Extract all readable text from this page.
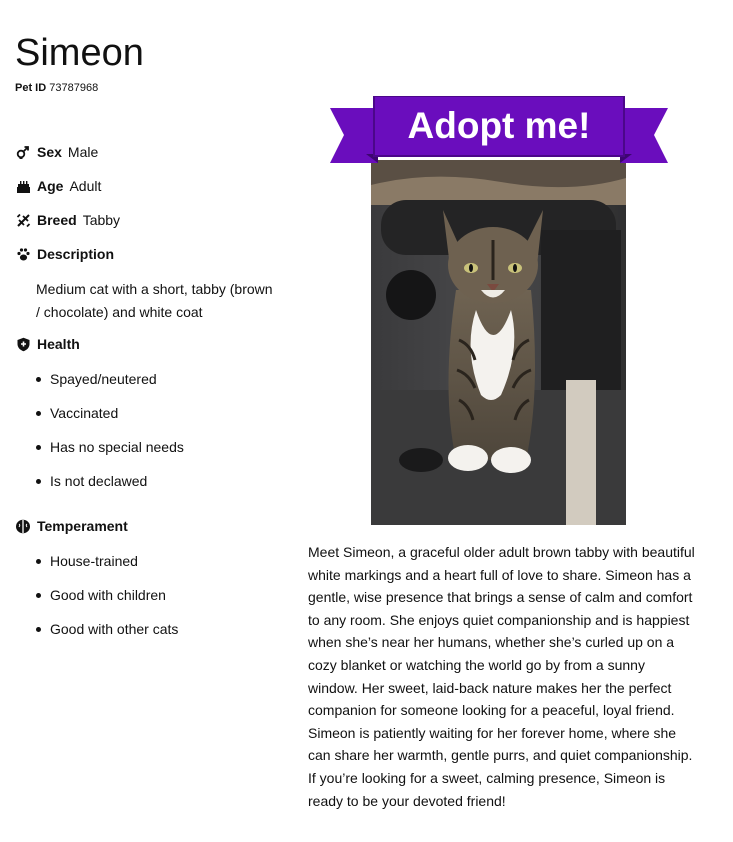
Simeon
Pet ID 73787968
Sex Male
Age Adult
Breed Tabby
Description
Medium cat with a short, tabby (brown / chocolate) and white coat
Health
Spayed/neutered
Vaccinated
Has no special needs
Is not declawed
Temperament
House-trained
Good with children
Good with other cats
Adopt me!
Meet Simeon, a graceful older adult brown tabby with beautiful white markings and a heart full of love to share. Simeon has a gentle, wise presence that brings a sense of calm and comfort to any room. She enjoys quiet companionship and is happiest when she’s near her humans, whether she’s curled up on a cozy blanket or watching the world go by from a sunny window. Her sweet, laid-back nature makes her the perfect companion for someone looking for a peaceful, loyal friend. Simeon is patiently waiting for her forever home, where she can share her warmth, gentle purrs, and quiet companionship. If you’re looking for a sweet, calming presence, Simeon is ready to be your devoted friend!
